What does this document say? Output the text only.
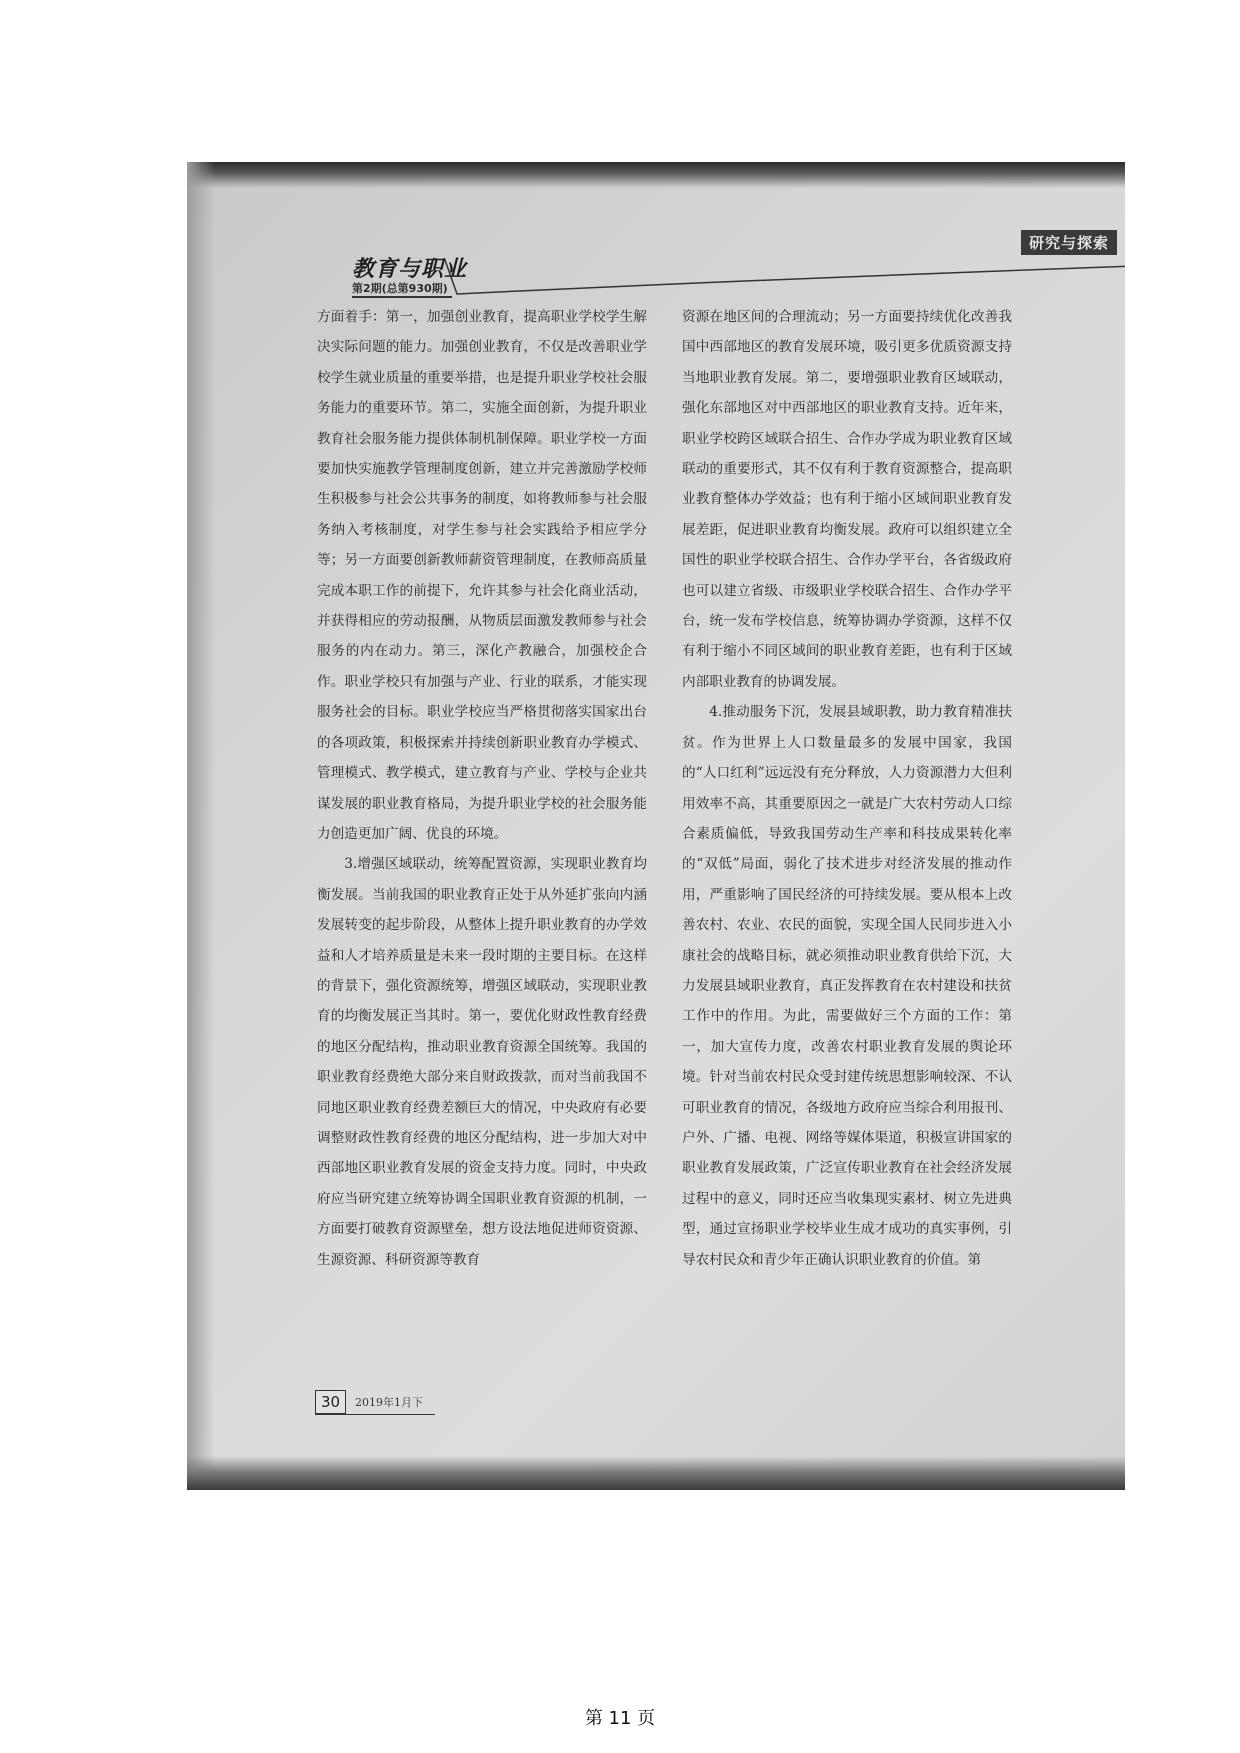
教育与职业
第2期(总第930期)
研究与探索

方面着手：第一，加强创业教育，提高职业学校学生解决实际问题的能力。加强创业教育，不仅是改善职业学校学生就业质量的重要举措，也是提升职业学校社会服务能力的重要环节。第二，实施全面创新，为提升职业教育社会服务能力提供体制机制保障。职业学校一方面要加快实施教学管理制度创新，建立并完善激励学校师生积极参与社会公共事务的制度，如将教师参与社会服务纳入考核制度，对学生参与社会实践给予相应学分等；另一方面要创新教师薪资管理制度，在教师高质量完成本职工作的前提下，允许其参与社会化商业活动，并获得相应的劳动报酬，从物质层面激发教师参与社会服务的内在动力。第三，深化产教融合，加强校企合作。职业学校只有加强与产业、行业的联系，才能实现服务社会的目标。职业学校应当严格贯彻落实国家出台的各项政策，积极探索并持续创新职业教育办学模式、管理模式、教学模式，建立教育与产业、学校与企业共谋发展的职业教育格局，为提升职业学校的社会服务能力创造更加广阔、优良的环境。

3.增强区域联动，统筹配置资源，实现职业教育均衡发展。当前我国的职业教育正处于从外延扩张向内涵发展转变的起步阶段，从整体上提升职业教育的办学效益和人才培养质量是未来一段时期的主要目标。在这样的背景下，强化资源统筹，增强区域联动，实现职业教育的均衡发展正当其时。第一，要优化财政性教育经费的地区分配结构，推动职业教育资源全国统筹。我国的职业教育经费绝大部分来自财政拨款，而对当前我国不同地区职业教育经费差额巨大的情况，中央政府有必要调整财政性教育经费的地区分配结构，进一步加大对中西部地区职业教育发展的资金支持力度。同时，中央政府应当研究建立统筹协调全国职业教育资源的机制，一方面要打破教育资源壁垒，想方设法地促进师资资源、生源资源、科研资源等教育

资源在地区间的合理流动；另一方面要持续优化改善我国中西部地区的教育发展环境，吸引更多优质资源支持当地职业教育发展。第二，要增强职业教育区域联动，强化东部地区对中西部地区的职业教育支持。近年来，职业学校跨区域联合招生、合作办学成为职业教育区域联动的重要形式，其不仅有利于教育资源整合，提高职业教育整体办学效益；也有利于缩小区域间职业教育发展差距，促进职业教育均衡发展。政府可以组织建立全国性的职业学校联合招生、合作办学平台，各省级政府也可以建立省级、市级职业学校联合招生、合作办学平台，统一发布学校信息，统筹协调办学资源，这样不仅有利于缩小不同区域间的职业教育差距，也有利于区域内部职业教育的协调发展。

4.推动服务下沉，发展县域职教，助力教育精准扶贫。作为世界上人口数量最多的发展中国家，我国的“人口红利”远远没有充分释放，人力资源潜力大但利用效率不高，其重要原因之一就是广大农村劳动人口综合素质偏低，导致我国劳动生产率和科技成果转化率的“双低”局面，弱化了技术进步对经济发展的推动作用，严重影响了国民经济的可持续发展。要从根本上改善农村、农业、农民的面貌，实现全国人民同步进入小康社会的战略目标，就必须推动职业教育供给下沉，大力发展县域职业教育，真正发挥教育在农村建设和扶贫工作中的作用。为此，需要做好三个方面的工作：第一，加大宣传力度，改善农村职业教育发展的舆论环境。针对当前农村民众受封建传统思想影响较深、不认可职业教育的情况，各级地方政府应当综合利用报刊、户外、广播、电视、网络等媒体渠道，积极宣讲国家的职业教育发展政策，广泛宣传职业教育在社会经济发展过程中的意义，同时还应当收集现实素材、树立先进典型，通过宣扬职业学校毕业生成才成功的真实事例，引导农村民众和青少年正确认识职业教育的价值。第

30	2019年1月下
第 11 页
